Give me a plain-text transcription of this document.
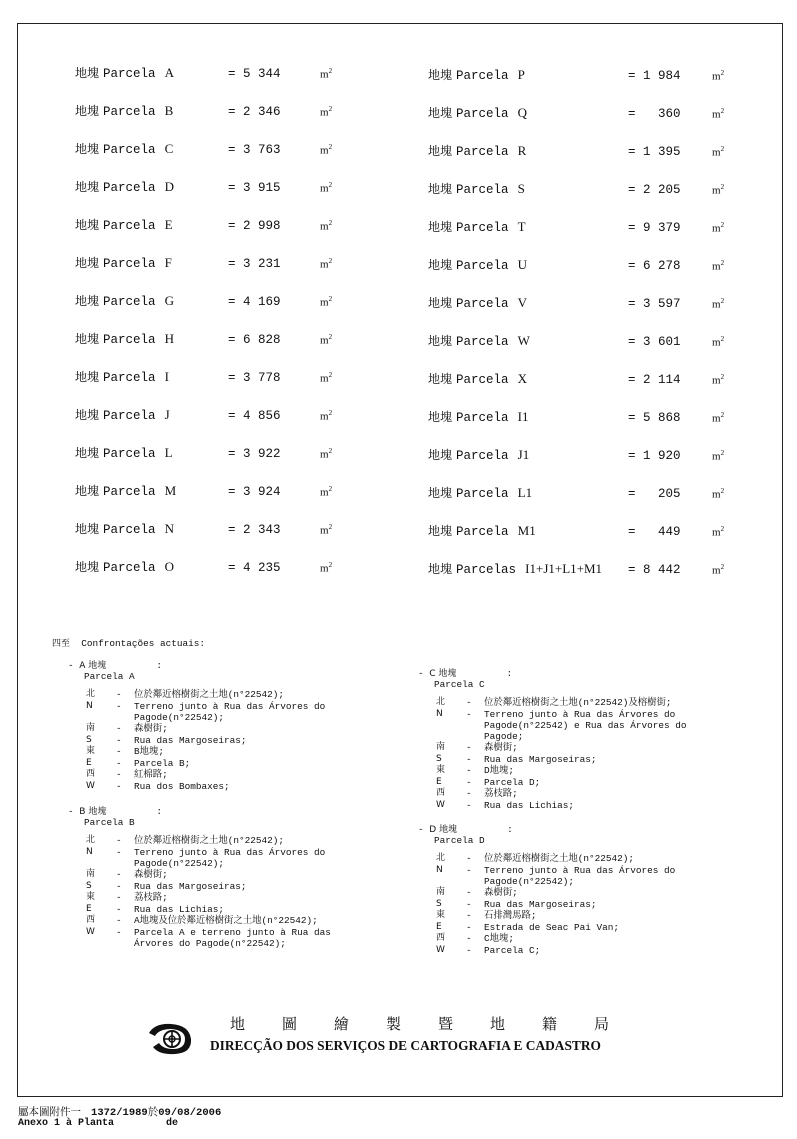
地塊 Parcela A	= 5 344	$m^2$
地塊 Parcela B	= 2 346	$m^2$
地塊 Parcela C	= 3 763	$m^2$
地塊 Parcela D	= 3 915	$m^2$
地塊 Parcela E	= 2 998	$m^2$
地塊 Parcela F	= 3 231	$m^2$
地塊 Parcela G	= 4 169	$m^2$
地塊 Parcela H	= 6 828	$m^2$
地塊 Parcela I	= 3 778	$m^2$
地塊 Parcela J	= 4 856	$m^2$
地塊 Parcela L	= 3 922	$m^2$
地塊 Parcela M	= 3 924	$m^2$
地塊 Parcela N	= 2 343	$m^2$
地塊 Parcela O	= 4 235	$m^2$
地塊 Parcela P	= 1 984	$m^2$
地塊 Parcela Q	=   360	$m^2$
地塊 Parcela R	= 1 395	$m^2$
地塊 Parcela S	= 2 205	$m^2$
地塊 Parcela T	= 9 379	$m^2$
地塊 Parcela U	= 6 278	$m^2$
地塊 Parcela V	= 3 597	$m^2$
地塊 Parcela W	= 3 601	$m^2$
地塊 Parcela X	= 2 114	$m^2$
地塊 Parcela I1	= 5 868	$m^2$
地塊 Parcela J1	= 1 920	$m^2$
地塊 Parcela L1	=   205	$m^2$
地塊 Parcela M1	=   449	$m^2$
地塊 Parcelas I1+J1+L1+M1 = 8 442	$m^2$
四至 Confrontações actuais:
- A 地塊	:
Parcela A
北 - 位於鄰近榕樹街之土地(n°22542);
N - Terreno junto à Rua das Árvores do
Pagode(n°22542);
南 - 森樹街;
S	- Rua das Margoseiras;
東 - B地塊;
E	- Parcela B;
西 - 紅棉路;
W - Rua dos Bombaxes;
- B 地塊	:
Parcela B
北 - 位於鄰近榕樹街之土地(n°22542);
N - Terreno junto à Rua das Árvores do
Pagode(n°22542);
南 - 森樹街;
S	- Rua das Margoseiras;
東 - 荔枝路;
E	- Rua das Lichias;
西 - A地塊及位於鄰近榕樹街之土地(n°22542);
W - Parcela A e terreno junto à Rua das
Árvores do Pagode(n°22542);
- C 地塊	:
Parcela C
北 - 位於鄰近榕樹街之土地(n°22542)及榕樹街;
N - Terreno junto à Rua das Árvores do
Pagode(n°22542) e Rua das Árvores do
Pagode;
南 - 森樹街;
S	- Rua das Margoseiras;
東 - D地塊;
E	- Parcela D;
西 - 荔枝路;
W - Rua das Lichias;
- D 地塊	:
Parcela D
北 - 位於鄰近榕樹街之土地(n°22542);
N - Terreno junto à Rua das Árvores do
Pagode(n°22542);
南 - 森樹街;
S	- Rua das Margoseiras;
東 - 石排灣馬路;
E	- Estrada de Seac Pai Van;
西 - C地塊;
W - Parcela C;
地圖繪製暨地籍局
DIRECÇÃO DOS SERVIÇOS DE CARTOGRAFIA E CADASTRO
屬本圖附件一 1372/1989於09/08/2006
Anexo 1 à Planta	de
